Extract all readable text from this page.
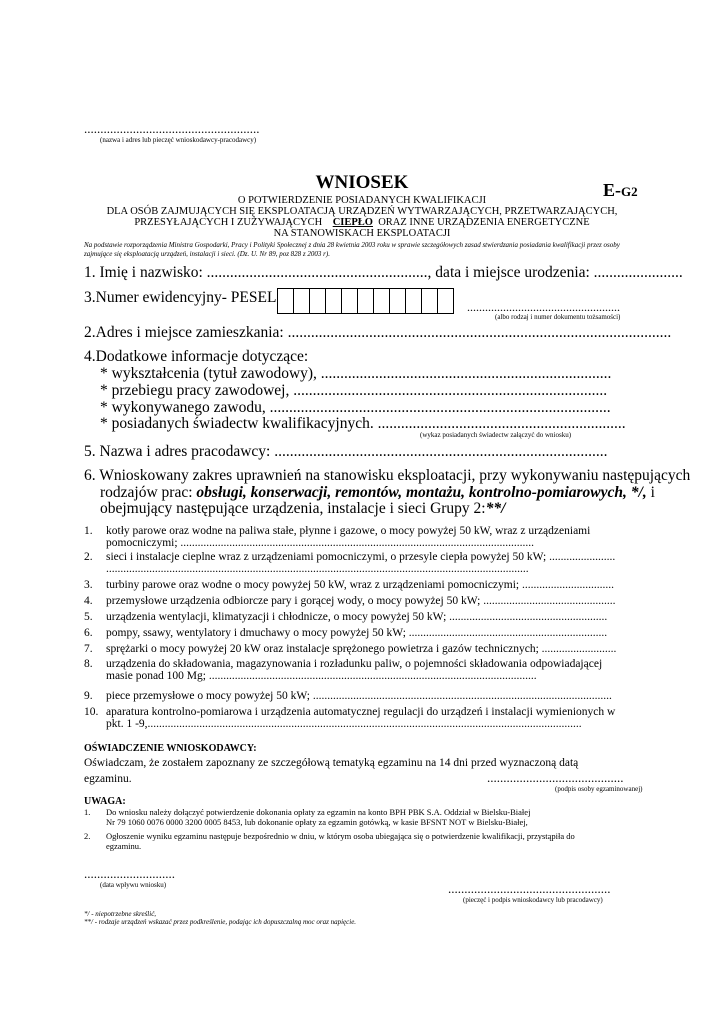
......................................................
(nazwa i adres lub pieczęć wnioskodawcy-pracodawcy)
E-G2
WNIOSEK
O POTWIERDZENIE POSIADANYCH KWALIFIKACJI
DLA OSÓB ZAJMUJĄCYCH SIĘ EKSPLOATACJĄ URZĄDZEŃ WYTWARZAJĄCYCH, PRZETWARZAJĄCYCH,
PRZESYŁAJĄCYCH I ZUŻYWAJĄCYCH CIEPŁO ORAZ INNE URZĄDZENIA ENERGETYCZNE
NA STANOWISKACH EKSPLOATACJI
Na podstawie rozporządzenia Ministra Gospodarki, Pracy i Polityki Społecznej z dnia 28 kwietnia 2003 roku w sprawie szczegółowych zasad stwierdzania posiadania kwalifikacji przez osoby
zajmujące się eksploatacją urządzeń, instalacji i sieci. (Dz. U. Nr 89, poz 828 z 2003 r).
1. Imię i nazwisko: ........................................................., data i miejsce urodzenia: .......................
3.Numer ewidencyjny- PESEL
...................................................
(albo rodzaj i numer dokumentu tożsamości)
2.Adres i miejsce zamieszkania: ...................................................................................................
4.Dodatkowe informacje dotyczące:
* wykształcenia (tytuł zawodowy), ...........................................................................
* przebiegu pracy zawodowej, .................................................................................
* wykonywanego zawodu, ........................................................................................
* posiadanych świadectw kwalifikacyjnych. ................................................................
(wykaz posiadanych świadectw załączyć do wniosku)
5. Nazwa i adres pracodawcy: ......................................................................................
6. Wnioskowany zakres uprawnień na stanowisku eksploatacji, przy wykonywaniu następujących
rodzajów prac: obsługi, konserwacji, remontów, montażu, kontrolno-pomiarowych, */, i
obejmujący następujące urządzenia, instalacje i sieci Grupy 2:**/
1. kotły parowe oraz wodne na paliwa stałe, płynne i gazowe, o mocy powyżej 50 kW, wraz z urządzeniami
pomocniczymi; ...........................................................................................................................
2. sieci i instalacje cieplne wraz z urządzeniami pomocniczymi, o przesyle ciepła powyżej 50 kW; .......................
...................................................................................................................................................
3. turbiny parowe oraz wodne o mocy powyżej 50 kW, wraz z urządzeniami pomocniczymi; ................................
4. przemysłowe urządzenia odbiorcze pary i gorącej wody, o mocy powyżej 50 kW; ..............................................
5. urządzenia wentylacji, klimatyzacji i chłodnicze, o mocy powyżej 50 kW; .......................................................
6. pompy, ssawy, wentylatory i dmuchawy o mocy powyżej 50 kW; .....................................................................
7. sprężarki o mocy powyżej 20 kW oraz instalacje sprężonego powietrza i gazów technicznych; ..........................
8. urządzenia do składowania, magazynowania i rozładunku paliw, o pojemności składowania odpowiadającej
masie ponad 100 Mg; ..................................................................................................................
9. piece przemysłowe o mocy powyżej 50 kW; ........................................................................................................
10. aparatura kontrolno-pomiarowa i urządzenia automatycznej regulacji do urządzeń i instalacji wymienionych w
pkt. 1 -9,.......................................................................................................................................................
OŚWIADCZENIE WNIOSKODAWCY:
Oświadczam, że zostałem zapoznany ze szczegółową tematyką egzaminu na 14 dni przed wyznaczoną datą
egzaminu.	..........................................
(podpis osoby egzaminowanej)
UWAGA:
1. Do wniosku należy dołączyć potwierdzenie dokonania opłaty za egzamin na konto BPH PBK S.A. Oddział w Bielsku-Białej
Nr 79 1060 0076 0000 3200 0005 8453, lub dokonanie opłaty za egzamin gotówką, w kasie BFSNT NOT w Bielsku-Białej,
2. Ogłoszenie wyniku egzaminu następuje bezpośrednio w dniu, w którym osoba ubiegająca się o potwierdzenie kwalifikacji, przystąpiła do
egzaminu.
............................
(data wpływu wniosku)	..................................................
(pieczęć i podpis wnioskodawcy lub pracodawcy)
*/ - niepotrzebne skreślić,
**/ - rodzaje urządzeń wskazać przez podkreślenie, podając ich dopuszczalną moc oraz napięcie.
